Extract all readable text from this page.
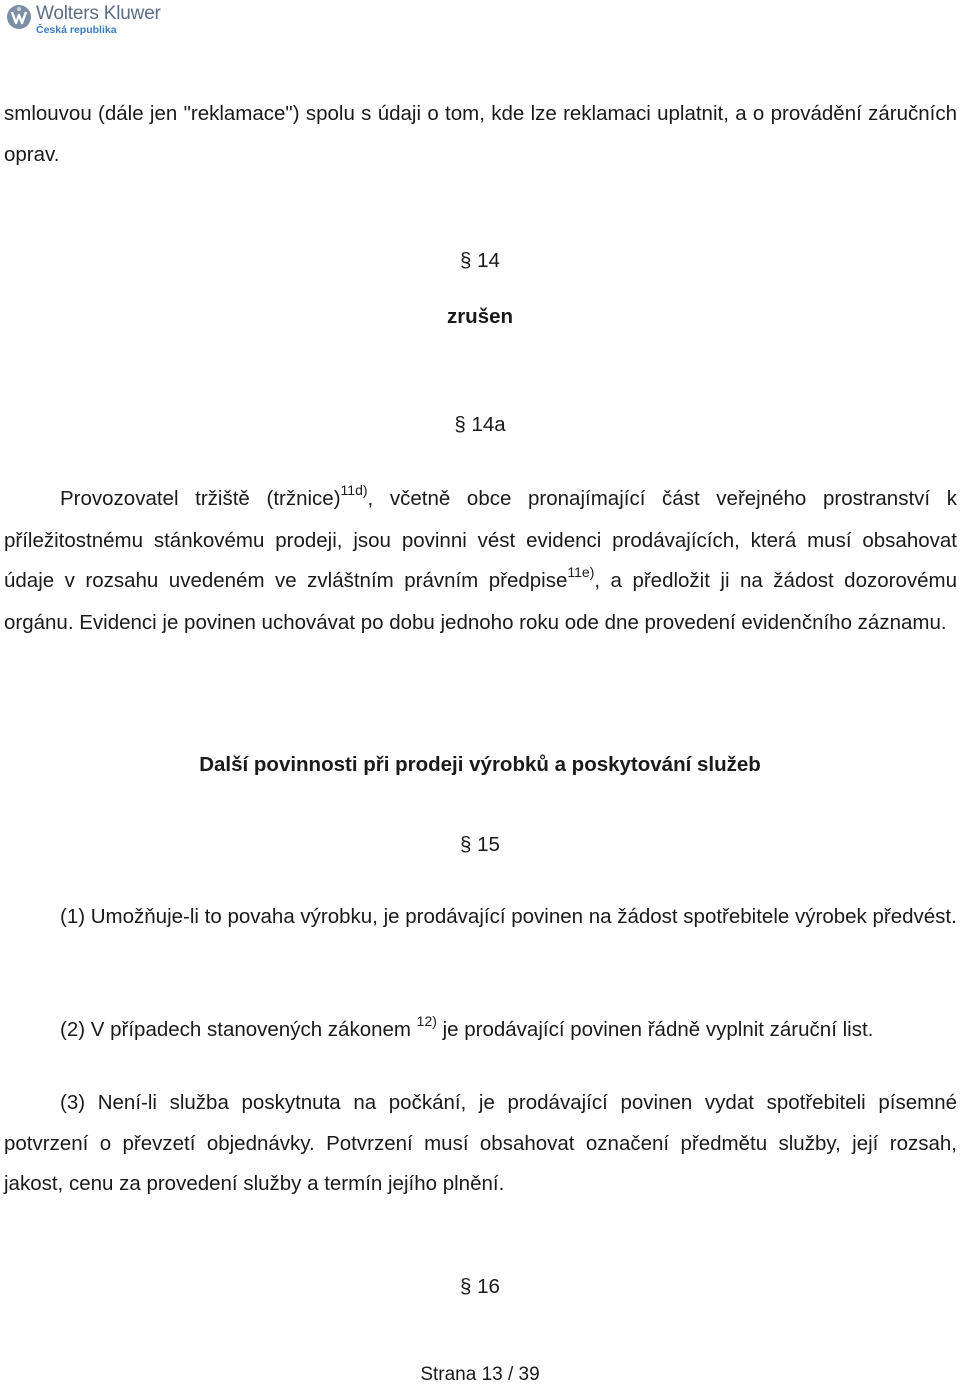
Wolters Kluwer
Česká republika

smlouvou (dále jen "reklamace") spolu s údaji o tom, kde lze reklamaci uplatnit, a o provádění záručních oprav.

§ 14

zrušen

§ 14a

Provozovatel tržiště (tržnice)$^{11d)}$, včetně obce pronajímající část veřejného prostranství k příležitostnému stánkovému prodeji, jsou povinni vést evidenci prodávajících, která musí obsahovat údaje v rozsahu uvedeném ve zvláštním právním předpise$^{11e)}$, a předložit ji na žádost dozorovému orgánu. Evidenci je povinen uchovávat po dobu jednoho roku ode dne provedení evidenčního záznamu.

Další povinnosti při prodeji výrobků a poskytování služeb

§ 15

(1) Umožňuje-li to povaha výrobku, je prodávající povinen na žádost spotřebitele výrobek předvést.

(2) V případech stanovených zákonem $^{12)}$ je prodávající povinen řádně vyplnit záruční list.

(3) Není-li služba poskytnuta na počkání, je prodávající povinen vydat spotřebiteli písemné potvrzení o převzetí objednávky. Potvrzení musí obsahovat označení předmětu služby, její rozsah, jakost, cenu za provedení služby a termín jejího plnění.

§ 16

Strana 13 / 39
